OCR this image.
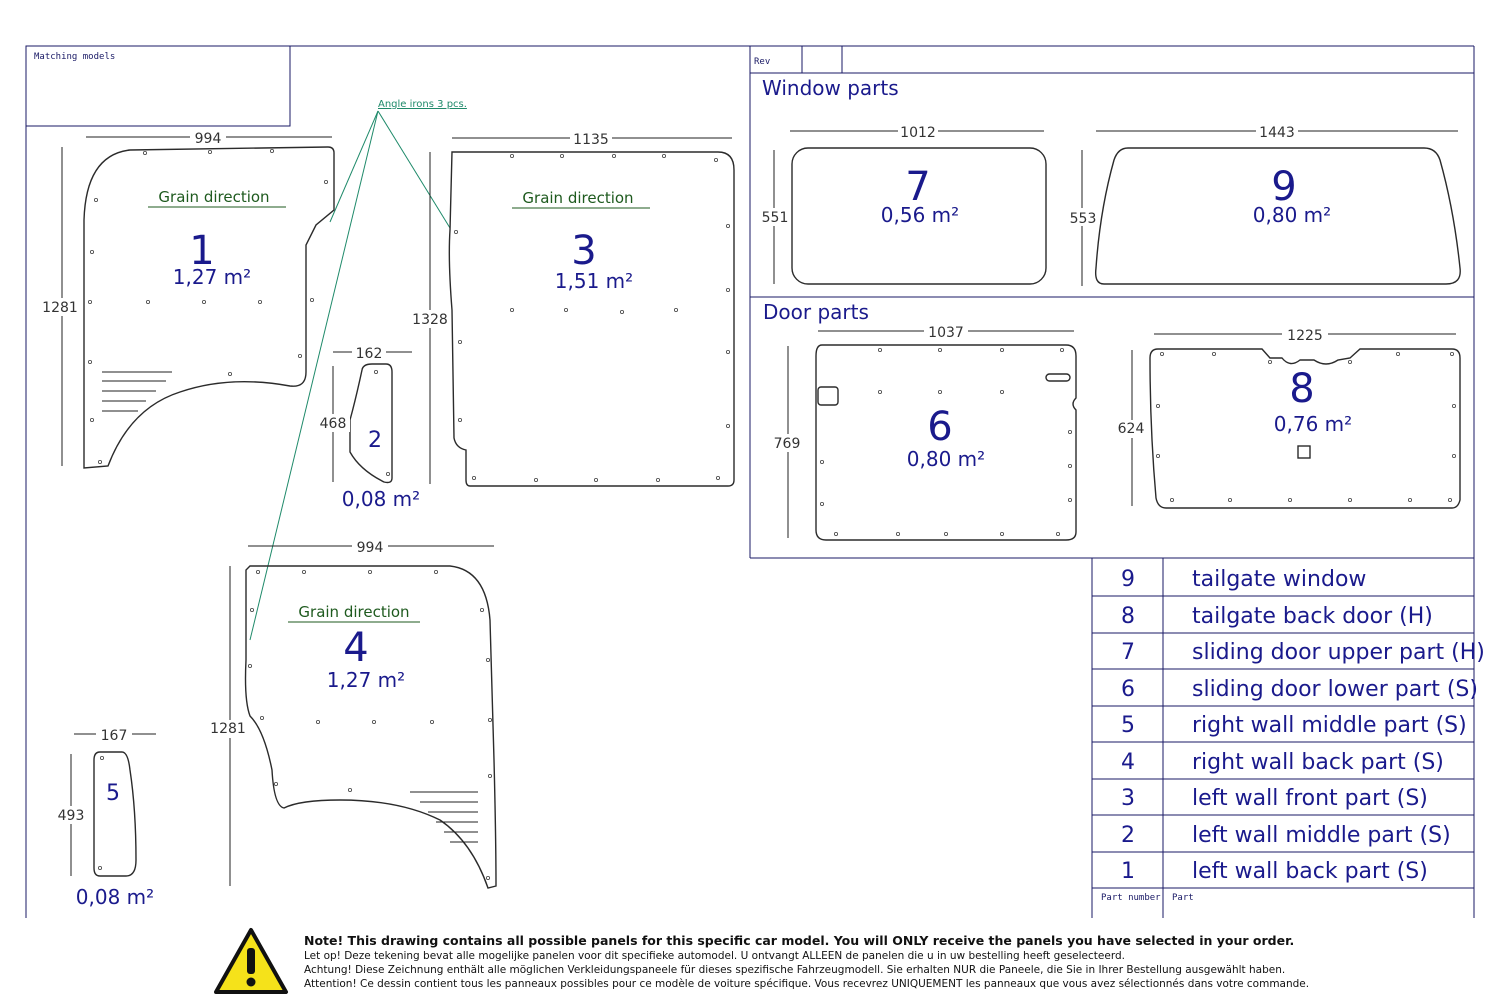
Matching models	Rev
Window parts
Door parts
Angle irons 3 pcs.
994
1281
Grain direction
1
1,27 m²
162
468
2
0,08 m²
1135
1328
Grain direction
3
1,51 m²
994
1281
Grain direction
4
1,27 m²
167
493
5
0,08 m²
1012
551
7
0,56 m²
1443
553
9
0,80 m²
1037
769	6
0,80 m²
1225
624
8
0,76 m²
9	tailgate window
8	tailgate back door (H)
7	sliding door upper part (H)
6	sliding door lower part (S)
5	right wall middle part (S)
4	right wall back part (S)
3	left wall front part (S)
2	left wall middle part (S)
1	left wall back part (S)
Part number Part
Note! This drawing contains all possible panels for this specific car model. You will ONLY receive the panels you have selected in your order.
Let op! Deze tekening bevat alle mogelijke panelen voor dit specifieke automodel. U ontvangt ALLEEN de panelen die u in uw bestelling heeft geselecteerd.
Achtung! Diese Zeichnung enthält alle möglichen Verkleidungspaneele für dieses spezifische Fahrzeugmodell. Sie erhalten NUR die Paneele, die Sie in Ihrer Bestellung ausgewählt haben.
Attention! Ce dessin contient tous les panneaux possibles pour ce modèle de voiture spécifique. Vous recevrez UNIQUEMENT les panneaux que vous avez sélectionnés dans votre commande.
